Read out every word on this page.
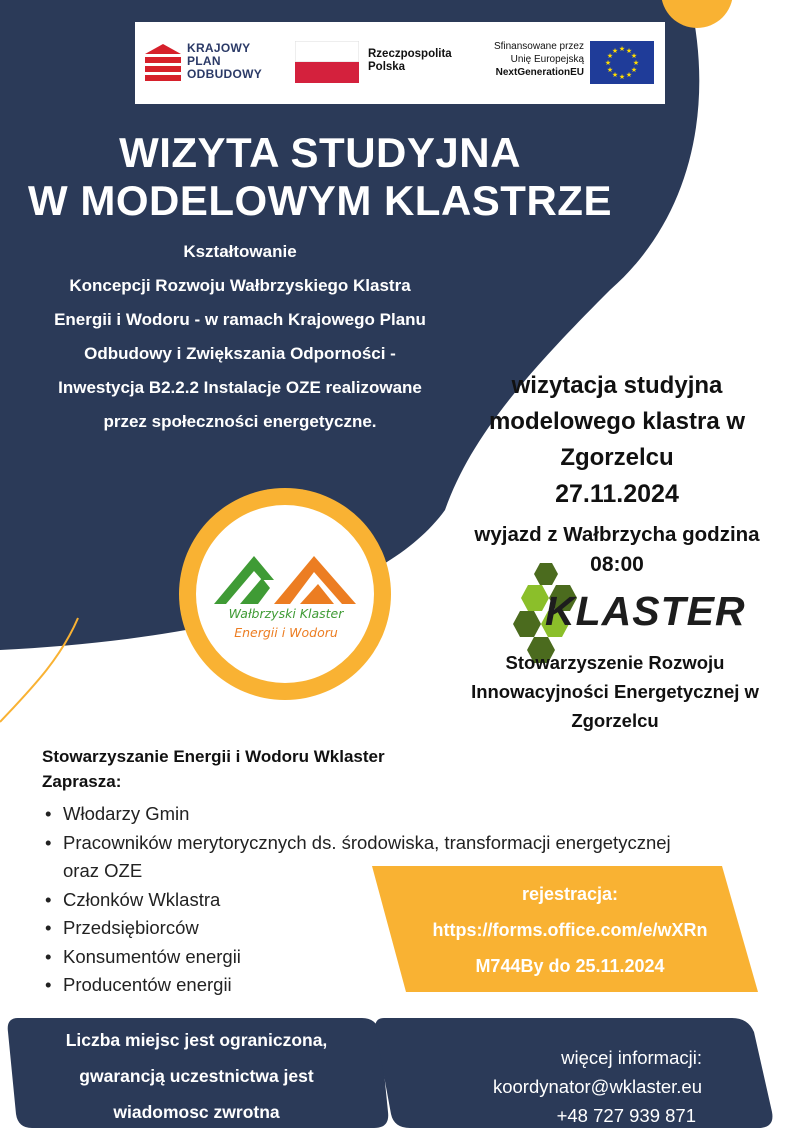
Wałbrzyski Klaster
Energii i Wodoru
★ ★
★
★
★
★
★
★
★
★
★
★
KRAJOWY
PLAN
ODBUDOWY
Rzeczpospolita
Polska
Sfinansowane przez
Unię Europejską
NextGenerationEU
WIZYTA STUDYJNA
W MODELOWYM KLASTRZE
Kształtowanie
Koncepcji Rozwoju Wałbrzyskiego Klastra
Energii i Wodoru - w ramach Krajowego Planu
Odbudowy i Zwiększania Odporności -
Inwestycja B2.2.2 Instalacje OZE realizowane
przez społeczności energetyczne.
wizytacja studyjna
modelowego klastra w
Zgorzelcu
27.11.2024
wyjazd z Wałbrzycha godzina
08:00
KLASTER
Stowarzyszenie Rozwoju
Innowacyjności Energetycznej w
Zgorzelcu
Stowarzyszanie Energii i Wodoru Wklaster
Zaprasza:
• Włodarzy Gmin
• Pracowników merytorycznych ds. środowiska, transformacji energetycznej oraz OZE
• Członków Wklastra
• Przedsiębiorców
• Konsumentów energii
• Producentów energii
rejestracja:
https://forms.office.com/e/wXRn
M744By do 25.11.2024
Liczba miejsc jest ograniczona,
gwarancją uczestnictwa jest
wiadomosc zwrotna
więcej informacji:
koordynator@wklaster.eu
+48 727 939 871
